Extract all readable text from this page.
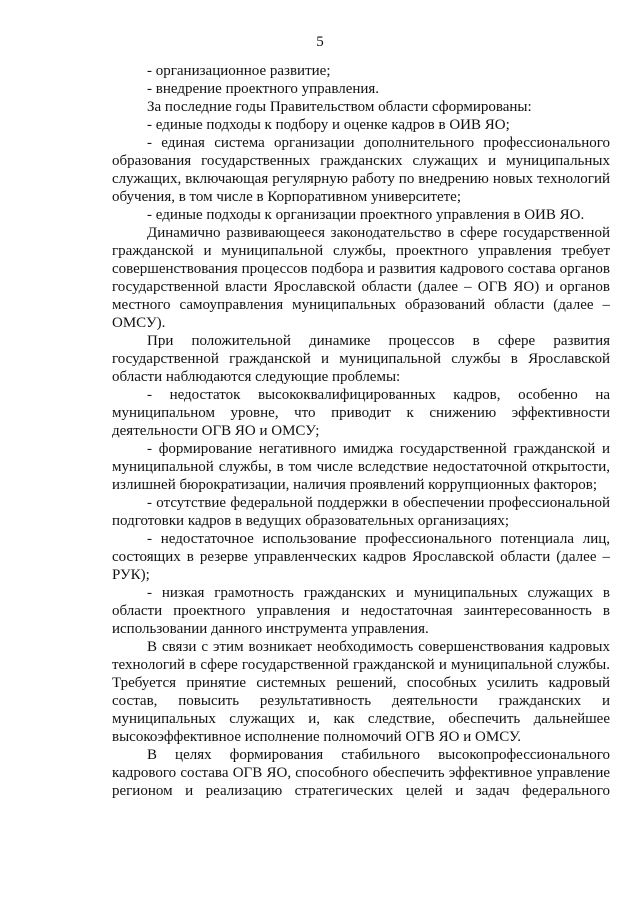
5

- организационное развитие;

- внедрение проектного управления.

За последние годы Правительством области сформированы:

- единые подходы к подбору и оценке кадров в ОИВ ЯО;

- единая система организации дополнительного профессионального образования государственных гражданских служащих и муниципальных служащих, включающая регулярную работу по внедрению новых технологий обучения, в том числе в Корпоративном университете;

- единые подходы к организации проектного управления в ОИВ ЯО.

Динамично развивающееся законодательство в сфере государственной гражданской и муниципальной службы, проектного управления требует совершенствования процессов подбора и развития кадрового состава органов государственной власти Ярославской области (далее – ОГВ ЯО) и органов местного самоуправления муниципальных образований области (далее – ОМСУ).

При положительной динамике процессов в сфере развития государственной гражданской и муниципальной службы в Ярославской области наблюдаются следующие проблемы:

- недостаток высококвалифицированных кадров, особенно на муниципальном уровне, что приводит к снижению эффективности деятельности ОГВ ЯО и ОМСУ;

- формирование негативного имиджа государственной гражданской и муниципальной службы, в том числе вследствие недостаточной открытости, излишней бюрократизации, наличия проявлений коррупционных факторов;

- отсутствие федеральной поддержки в обеспечении профессиональной подготовки кадров в ведущих образовательных организациях;

- недостаточное использование профессионального потенциала лиц, состоящих в резерве управленческих кадров Ярославской области (далее – РУК);

- низкая грамотность гражданских и муниципальных служащих в области проектного управления и недостаточная заинтересованность в использовании данного инструмента управления.

В связи с этим возникает необходимость совершенствования кадровых технологий в сфере государственной гражданской и муниципальной службы. Требуется принятие системных решений, способных усилить кадровый состав, повысить результативность деятельности гражданских и муниципальных служащих и, как следствие, обеспечить дальнейшее высокоэффективное исполнение полномочий ОГВ ЯО и ОМСУ.

В целях формирования стабильного высокопрофессионального кадрового состава ОГВ ЯО, способного обеспечить эффективное управление регионом и реализацию стратегических целей и задач федерального
